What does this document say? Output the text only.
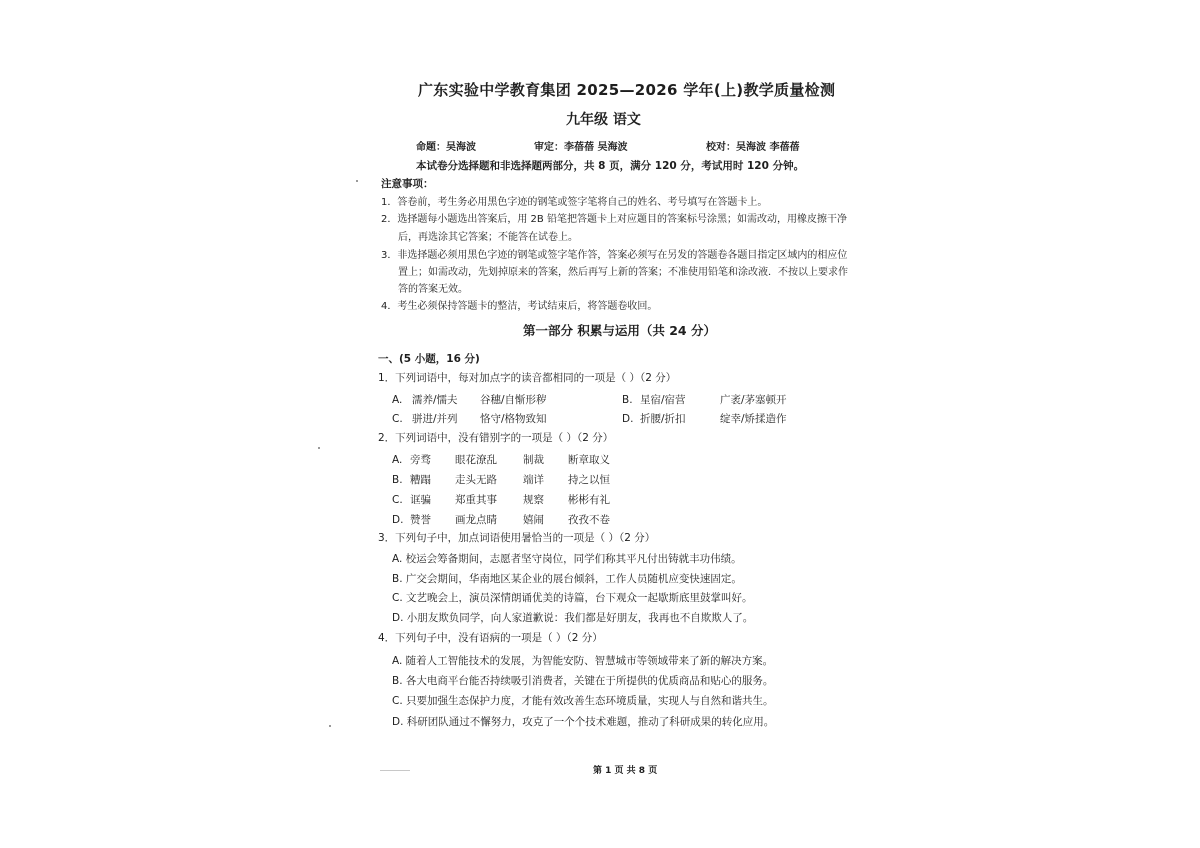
广东实验中学教育集团 2025—2026 学年(上)教学质量检测
九年级 语文
命题：吴海波	审定：李蓓蓓 吴海波	校对：吴海波 李蓓蓓
本试卷分选择题和非选择题两部分，共 8 页，满分 120 分，考试用时 120 分钟。
注意事项：
1．答卷前，考生务必用黑色字迹的钢笔或签字笔将自己的姓名、考号填写在答题卡上。
2．选择题每小题选出答案后，用 2B 铅笔把答题卡上对应题目的答案标号涂黑；如需改动，用橡皮擦干净
后，再选涂其它答案；不能答在试卷上。
3．非选择题必须用黑色字迹的钢笔或签字笔作答，答案必须写在另发的答题卷各题目指定区域内的相应位
置上；如需改动，先划掉原来的答案，然后再写上新的答案；不准使用铅笔和涂改液．不按以上要求作
答的答案无效。
4．考生必须保持答题卡的整洁，考试结束后，将答题卷收回。
第一部分 积累与运用（共 24 分）
一、(5 小题，16 分)
1．下列词语中，每对加点字的读音都相同的一项是（ ）（2 分）
A. 濡养/懦夫 谷穗/自惭形秽	B. 星宿/宿营	广袤/茅塞顿开
C. 骈进/并列 恪守/格物致知	D. 折腰/折扣	绽幸/矫揉造作
2．下列词语中，没有错别字的一项是（ ）（2 分）
A. 旁骛 眼花潦乱 制裁 断章取义
B. 糟蹋 走头无路 端详 持之以恒
C. 诓骗 郑重其事 规察 彬彬有礼
D. 赞誉 画龙点睛 嬉闹 孜孜不卷
3．下列句子中，加点词语使用暑恰当的一项是（ ）（2 分）
A. 校运会筹备期间，志愿者坚守岗位，同学们称其平凡付出铸就丰功伟绩。
B. 广交会期间，华南地区某企业的展台倾斜，工作人员随机应变快速固定。
C. 文艺晚会上，演员深情朗诵优美的诗篇，台下观众一起歇斯底里鼓掌叫好。
D. 小朋友欺负同学，向人家道歉说：我们都是好朋友，我再也不自欺欺人了。
4．下列句子中，没有语病的一项是（ ）（2 分）
A. 随着人工智能技术的发展，为智能安防、智慧城市等领域带来了新的解决方案。
B. 各大电商平台能否持续吸引消费者，关键在于所提供的优质商品和贴心的服务。
C. 只要加强生态保护力度，才能有效改善生态环境质量，实现人与自然和谐共生。
D. 科研团队通过不懈努力，攻克了一个个技术难题，推动了科研成果的转化应用。
第 1 页 共 8 页
